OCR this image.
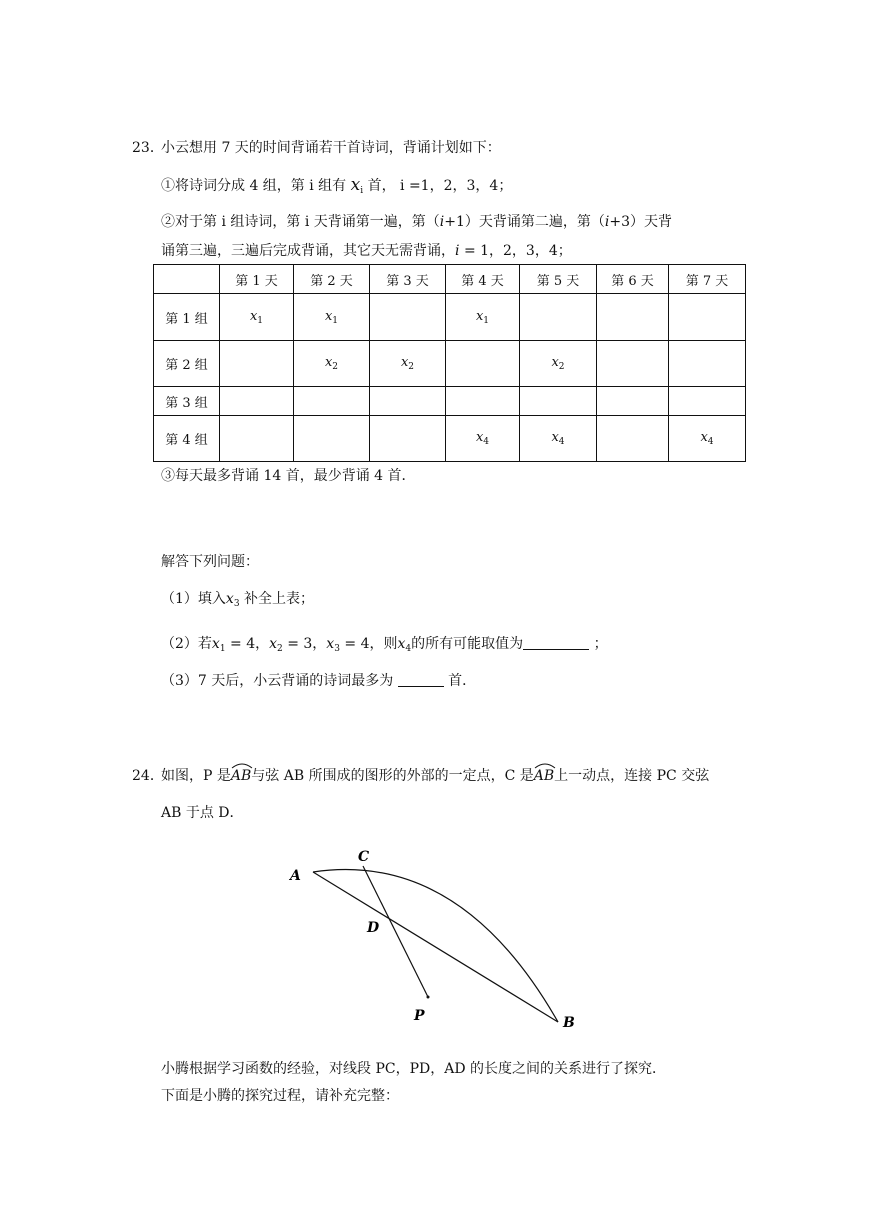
23．
小云想用 7 天的时间背诵若干首诗词，背诵计划如下：
①将诗词分成 4 组，第 i 组有 $x_i$ 首， i =1，2，3，4；
②对于第 i 组诗词，第 i 天背诵第一遍，第（i+1）天背诵第二遍，第（i+3）天背
诵第三遍，三遍后完成背诵，其它天无需背诵，i = 1，2，3，4；
	第 1 天	第 2 天	第 3 天	第 4 天	第 5 天	第 6 天	第 7 天
第 1 组	$x_1$	$x_1$		$x_1$			
第 2 组		$x_2$	$x_2$		$x_2$		
第 3 组							
第 4 组				$x_4$	$x_4$		$x_4$
③每天最多背诵 14 首，最少背诵 4 首．
解答下列问题：
（1）填入$x_3$ 补全上表；
（2）若$x_1 = 4$，$x_2 = 3$，$x_3 = 4$，则$x_4$的所有可能取值为	；
（3）7 天后，小云背诵的诗词最多为	首．
24．
如图，P 是
AB与弦 AB 所围成的图形的外部的一定点，C 是
AB上一动点，连接 PC 交弦
AB 于点 D．
A
C
D
P	B
小腾根据学习函数的经验，对线段 PC，PD，AD 的长度之间的关系进行了探究．
下面是小腾的探究过程，请补充完整：
